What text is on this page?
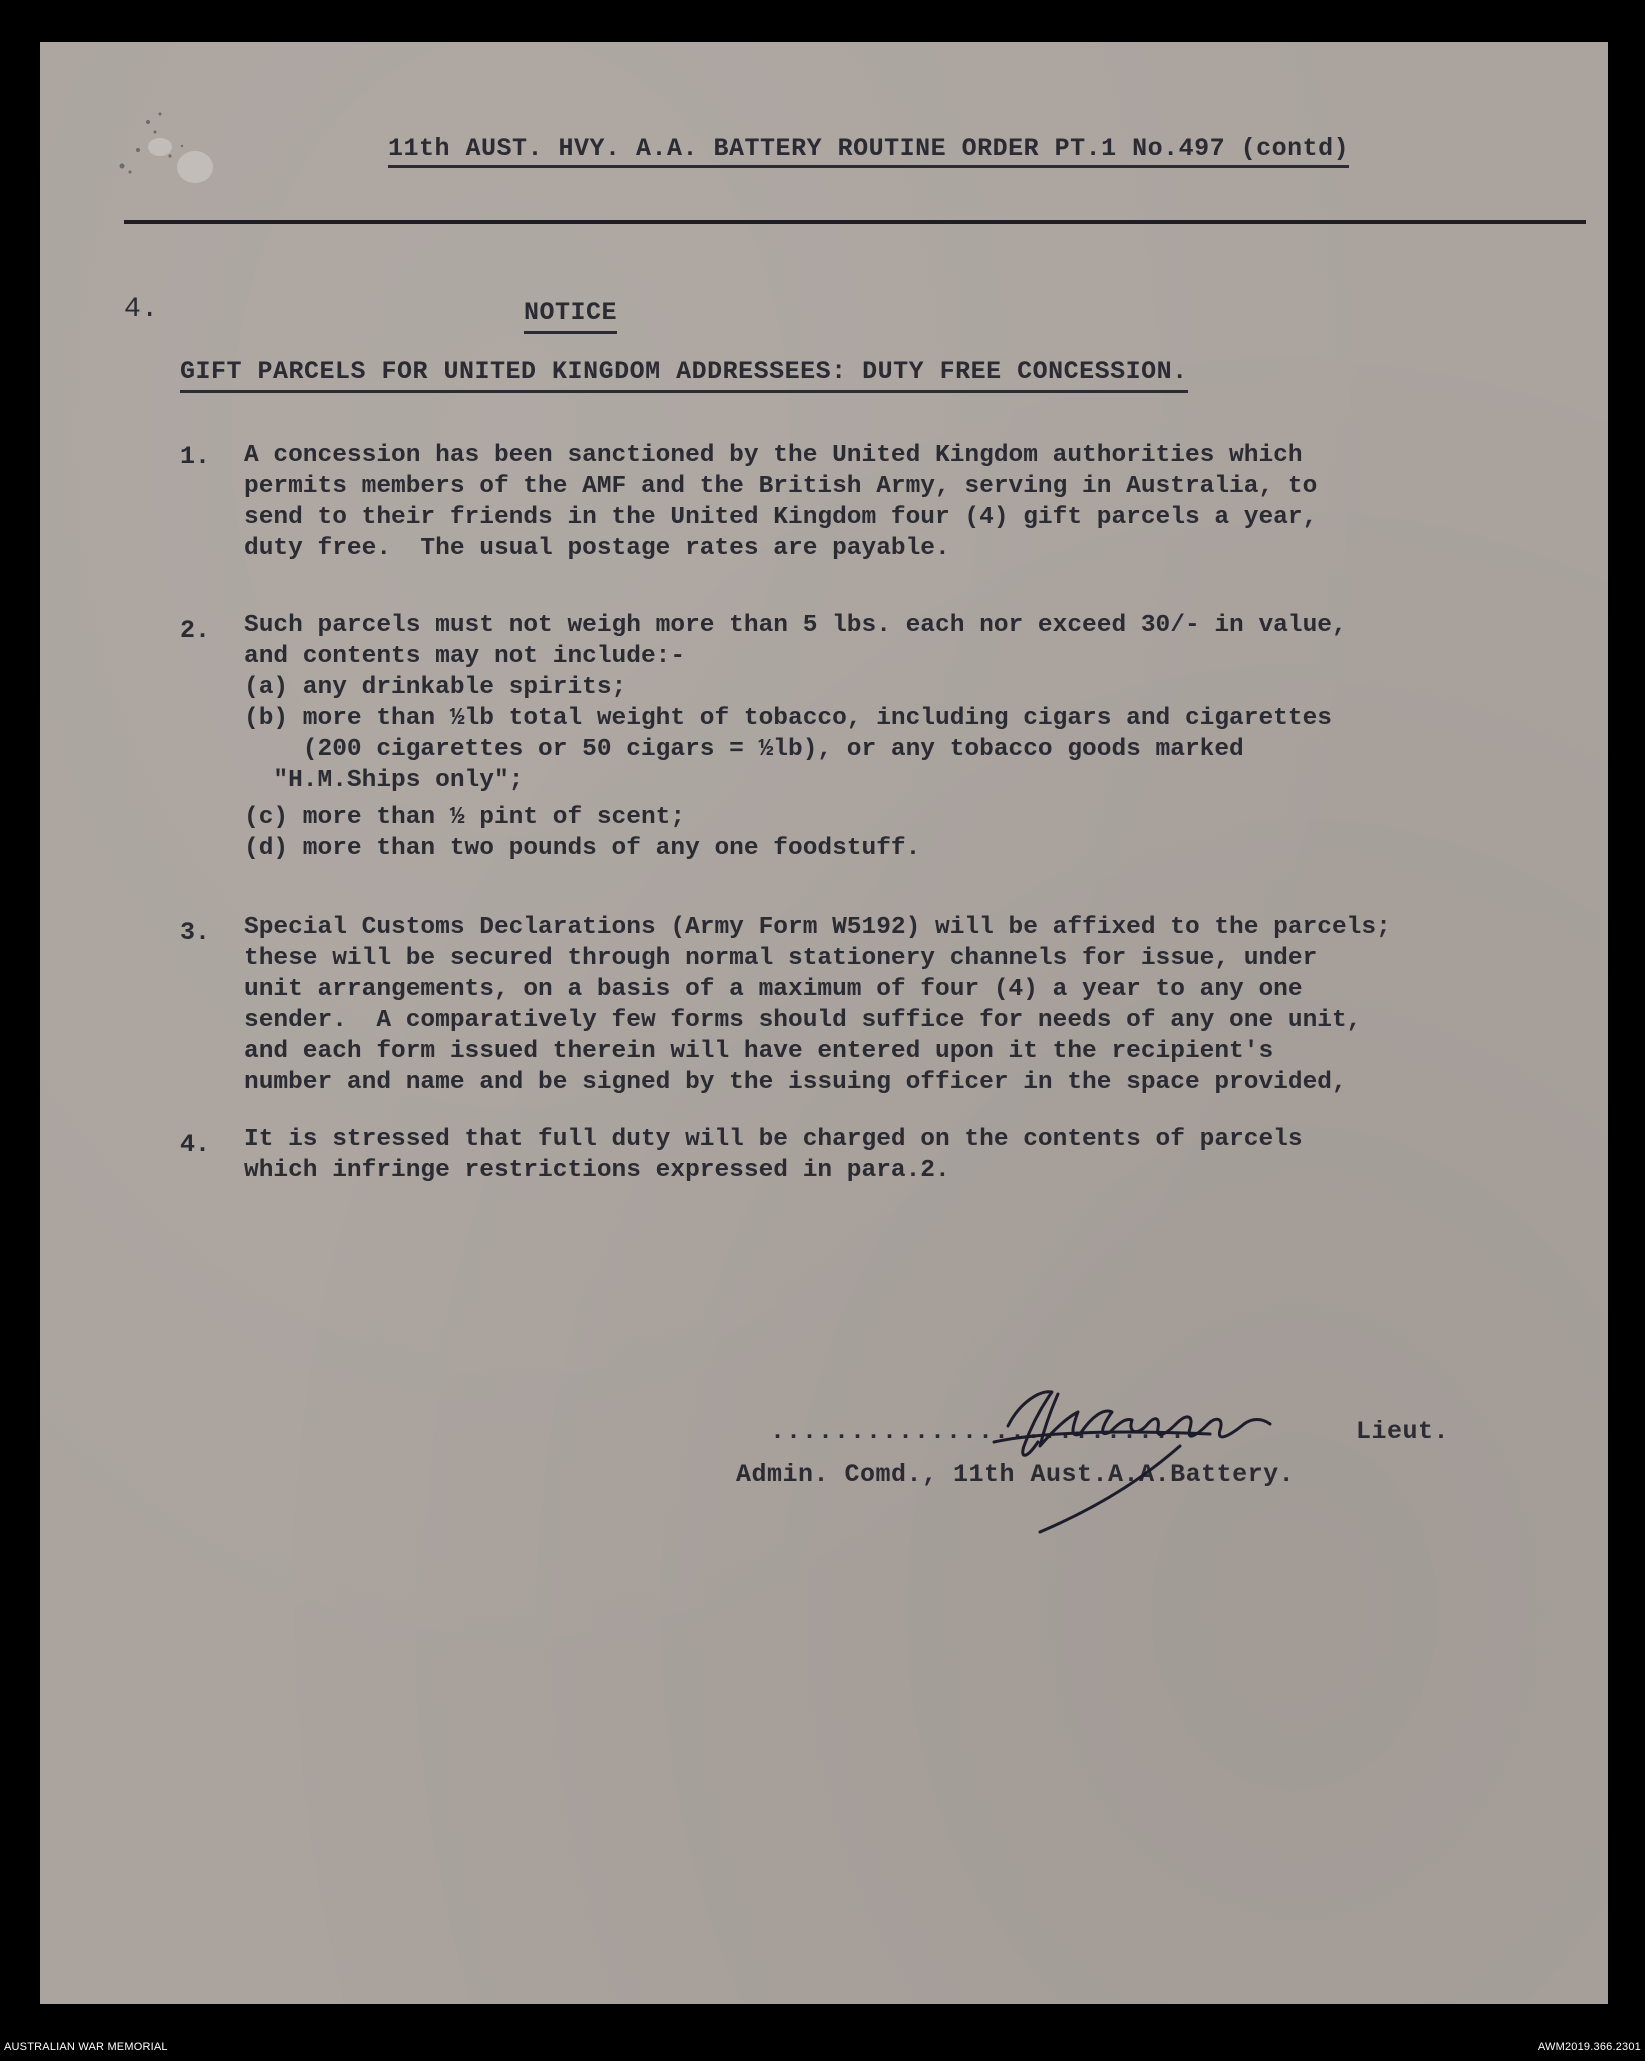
11th AUST. HVY. A.A. BATTERY ROUTINE ORDER PT.1 No.497 (contd)
4.	NOTICE
GIFT PARCELS FOR UNITED KINGDOM ADDRESSEES: DUTY FREE CONCESSION.
1. A concession has been sanctioned by the United Kingdom authorities which
permits members of the AMF and the British Army, serving in Australia, to
send to their friends in the United Kingdom four (4) gift parcels a year,
duty free.  The usual postage rates are payable.
2. Such parcels must not weigh more than 5 lbs. each nor exceed 30/- in value,
and contents may not include:-
(a) any drinkable spirits;
(b) more than ½lb total weight of tobacco, including cigars and cigarettes
(200 cigarettes or 50 cigars = ½lb), or any tobacco goods marked
"H.M.Ships only";
(c) more than ½ pint of scent;
(d) more than two pounds of any one foodstuff.
3. Special Customs Declarations (Army Form W5192) will be affixed to the parcels;
these will be secured through normal stationery channels for issue, under
unit arrangements, on a basis of a maximum of four (4) a year to any one
sender.  A comparatively few forms should suffice for needs of any one unit,
and each form issued therein will have entered upon it the recipient's
number and name and be signed by the issuing officer in the space provided,
4. It is stressed that full duty will be charged on the contents of parcels
which infringe restrictions expressed in para.2.
..........................	Lieut.
Admin. Comd., 11th Aust.A.A.Battery.
AUSTRALIAN WAR MEMORIAL	AWM2019.366.2301
